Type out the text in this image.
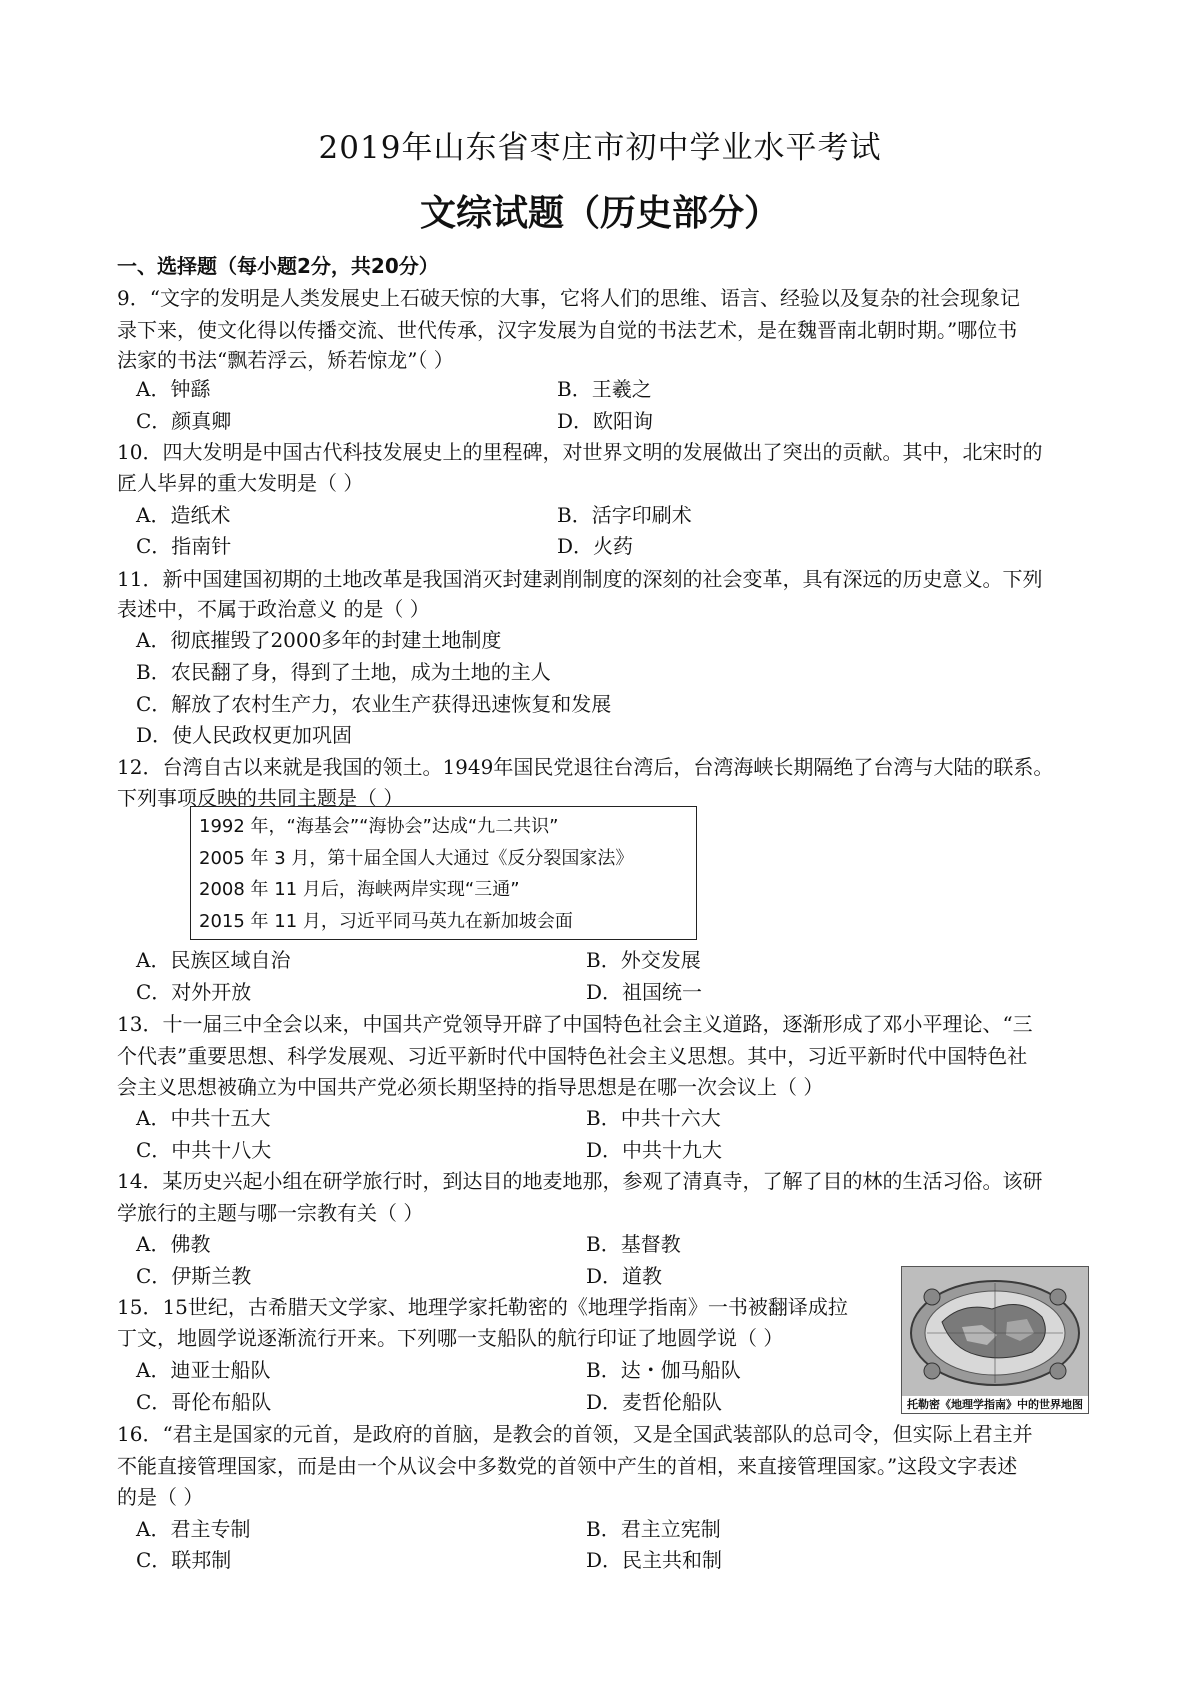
2019年山东省枣庄市初中学业水平考试
文综试题（历史部分）
一、选择题（每小题2分，共20分）
9．“文字的发明是人类发展史上石破天惊的大事，它将人们的思维、语言、经验以及复杂的社会现象记
录下来，使文化得以传播交流、世代传承，汉字发展为自觉的书法艺术，是在魏晋南北朝时期。”哪位书
法家的书法“飘若浮云，矫若惊龙”（ ）
A．钟繇	B．王羲之
C．颜真卿	D．欧阳询
10．四大发明是中国古代科技发展史上的里程碑，对世界文明的发展做出了突出的贡献。其中，北宋时的
匠人毕昇的重大发明是（ ）
A．造纸术	B．活字印刷术
C．指南针	D．火药
11．新中国建国初期的土地改革是我国消灭封建剥削制度的深刻的社会变革，具有深远的历史意义。下列
表述中，不属于政治意义 的是（ ）
A．彻底摧毁了2000多年的封建土地制度
B．农民翻了身，得到了土地，成为土地的主人
C．解放了农村生产力，农业生产获得迅速恢复和发展
D．使人民政权更加巩固
12．台湾自古以来就是我国的领土。1949年国民党退往台湾后，台湾海峡长期隔绝了台湾与大陆的联系。
下列事项反映的共同主题是（ ）
1992 年，“海基会”“海协会”达成“九二共识”
2005 年 3 月，第十届全国人大通过《反分裂国家法》
2008 年 11 月后，海峡两岸实现“三通”
2015 年 11 月，习近平同马英九在新加坡会面
A．民族区域自治	B．外交发展
C．对外开放	D．祖国统一
13．十一届三中全会以来，中国共产党领导开辟了中国特色社会主义道路，逐渐形成了邓小平理论、“三
个代表”重要思想、科学发展观、习近平新时代中国特色社会主义思想。其中，习近平新时代中国特色社
会主义思想被确立为中国共产党必须长期坚持的指导思想是在哪一次会议上（ ）
A．中共十五大	B．中共十六大
C．中共十八大	D．中共十九大
14．某历史兴起小组在研学旅行时，到达目的地麦地那，参观了清真寺，了解了目的林的生活习俗。该研
学旅行的主题与哪一宗教有关（ ）
A．佛教	B．基督教
C．伊斯兰教	D．道教
15．15世纪，古希腊天文学家、地理学家托勒密的《地理学指南》一书被翻译成拉
丁文，地圆学说逐渐流行开来。下列哪一支船队的航行印证了地圆学说（ ）
A．迪亚士船队	B．达・伽马船队
C．哥伦布船队	D．麦哲伦船队	托勒密《地理学指南》中的世界地图
16．“君主是国家的元首，是政府的首脑，是教会的首领，又是全国武装部队的总司令，但实际上君主并
不能直接管理国家，而是由一个从议会中多数党的首领中产生的首相，来直接管理国家。”这段文字表述
的是（ ）
A．君主专制	B．君主立宪制
C．联邦制	D．民主共和制
